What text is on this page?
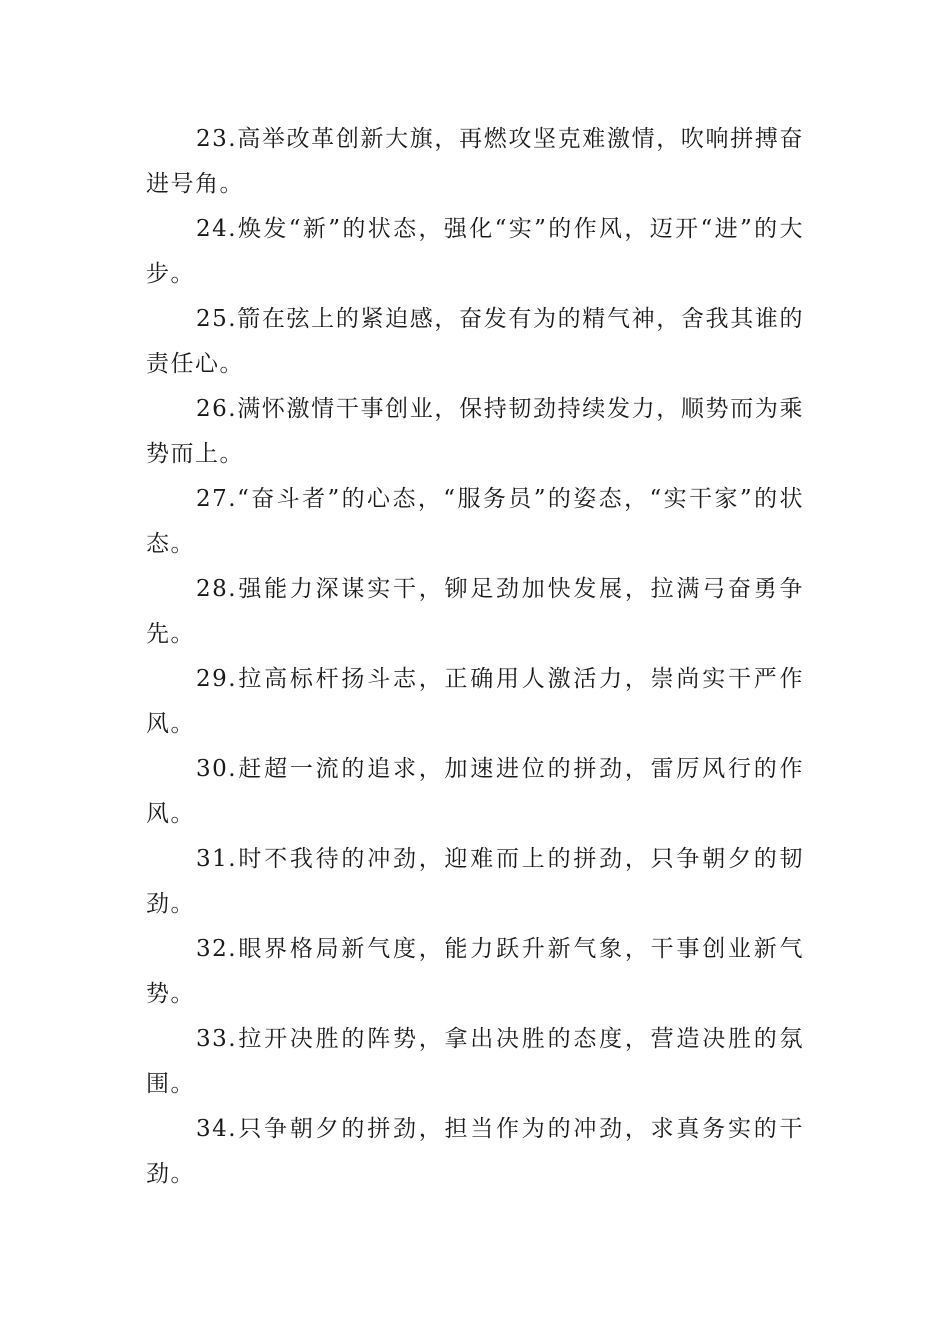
23.高举改革创新大旗，再燃攻坚克难激情，吹响拼搏奋进号角。

24.焕发“新”的状态，强化“实”的作风，迈开“进”的大步。

25.箭在弦上的紧迫感，奋发有为的精气神，舍我其谁的责任心。

26.满怀激情干事创业，保持韧劲持续发力，顺势而为乘势而上。

27.“奋斗者”的心态，“服务员”的姿态，“实干家”的状态。

28.强能力深谋实干，铆足劲加快发展，拉满弓奋勇争先。

29.拉高标杆扬斗志，正确用人激活力，崇尚实干严作风。

30.赶超一流的追求，加速进位的拼劲，雷厉风行的作风。

31.时不我待的冲劲，迎难而上的拼劲，只争朝夕的韧劲。

32.眼界格局新气度，能力跃升新气象，干事创业新气势。

33.拉开决胜的阵势，拿出决胜的态度，营造决胜的氛围。

34.只争朝夕的拼劲，担当作为的冲劲，求真务实的干劲。
